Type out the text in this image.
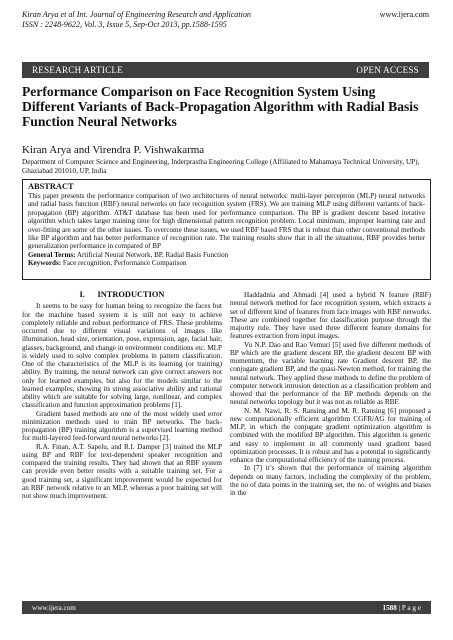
Kiran Arya et al Int. Journal of Engineering Research and Application	www.ijera.com
ISSN : 2248-9622, Vol. 3, Issue 5, Sep-Oct 2013, pp.1588-1595
RESEARCH ARTICLE	OPEN ACCESS
Performance Comparison on Face Recognition System Using Different Variants of Back-Propagation Algorithm with Radial Basis Function Neural Networks
Kiran Arya and Virendra P. Vishwakarma
Department of Computer Science and Engineering, Inderprastha Engineering College (Affiliated to Mahamaya Technical University, UP), Ghaziabad 201010, UP, India
ABSTRACT
This paper presents the performance comparison of two architectures of neural networks: multi-layer perceptron (MLP) neural networks and radial basis function (RBF) neural networks on face recognition system (FRS). We are training MLP using different variants of back-propagation (BP) algorithm. AT&T database has been used for performance comparison. The BP is gradient descent based iterative algorithm which takes larger training time for high dimensional pattern recognition problem. Local minimum, improper learning rate and over-fitting are some of the other issues. To overcome these issues, we used RBF based FRS that is robust than other conventional methods like BP algorithm and has better performance of recognition rate. The training results show that in all the situations, RBF provides better generalization performance in compared of BP
General Terms: Artificial Neural Network, BP, Radial Basis Function
Keywords: Face recognition, Performance Comparison
I.      INTRODUCTION

It seems to be easy for human being to recognize the faces but for the machine based system it is still not easy to achieve completely reliable and robust performance of FRS. These problems occurred due to different visual variations of images like illumination, head size, orientation, pose, expression, age, facial hair, glasses, background, and change in environment conditions etc. MLP is widely used to solve complex problems in pattern classification. One of the characteristics of the MLP is its learning (or training) ability. By training, the neural network can give correct answers not only for learned examples, but also for the models similar to the learned examples, showing its strong associative ability and rational ability which are suitable for solving large, nonlinear, and complex classification and function approximation problems [1].

Gradient based methods are one of the most widely used error minimization methods used to train BP networks. The back-propagation (BP) training algorithm is a supervised learning method for multi-layered feed-forward neural networks [2].

R.A. Finan, A.T. Sapelu, and R.I. Damper [3] trained the MLP using BP and RBF for text-dependent speaker recognition and compared the training results. They had shown that an RBF system can provide even better results with a suitable training set. For a good training set, a significant improvement would be expected for an RBF network relative to an MLP, whereas a poor training set will not show much improvement.

Haddadnia and Ahmadi [4] used a hybrid N feature (RBF) neural network method for face recognition system, which extracts a set of different kind of features from face images with RBF networks. These are combined together for classification purpose through the majority rule. They have used three different feature domains for features extraction from input images.

Vu N.P. Dao and Rao Vemuri [5] used five different methods of BP which are the gradient descent BP, the gradient descent BP with momentum, the variable learning rate Gradient descent BP, the conjugate gradient BP, and the quasi-Newton method, for training the neural network. They applied these methods to define the problem of computer network intrusion detection as a classification problem and showed that the performance of the BP methods depends on the neural networks topology but it was not as reliable as RBF.

N. M. Nawi, R. S. Ransing and M. R. Ransing [6] proposed a new computationally efficient algorithm CGFR/AG for training of MLP, in which the conjugate gradient optimization algorithm is combined with the modified BP algorithm. This algorithm is generic and easy to implement in all commonly used gradient based optimization processes. It is robust and has a potential to significantly enhance the computational efficiency of the training process.

In [7] it’s shown that the performance of training algorithm depends on many factors, including the complexity of the problem, the no of data points in the training set, the no. of weights and biases in the

www.ijera.com	1588 | P a g e
